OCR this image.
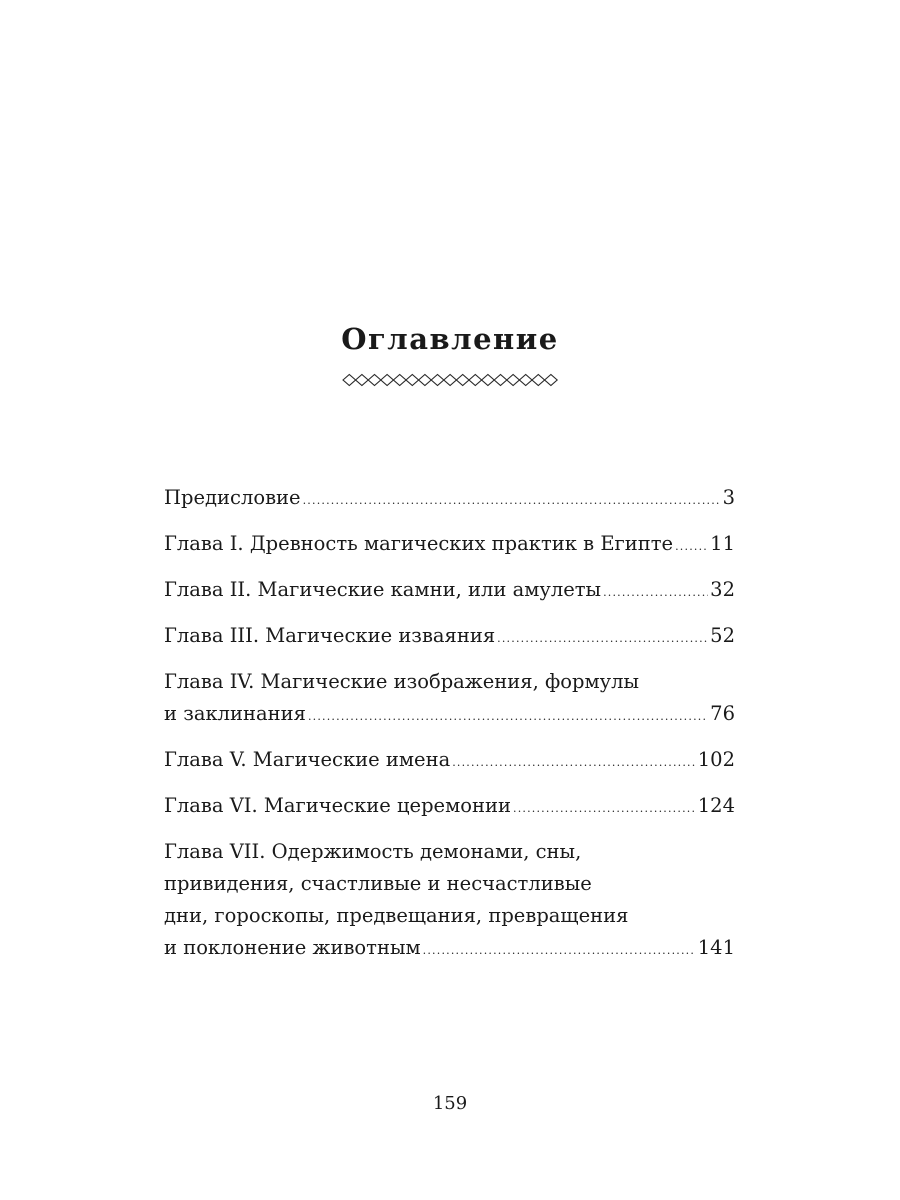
Оглавление
Предисловие .....	3
Глава I. Древность магических практик в Египте ..... 11
Глава II. Магические камни, или амулеты .....	32
Глава III. Магические изваяния .....	52
Глава IV. Магические изображения, формулы
и заклинания .....	76
Глава V. Магические имена .....	102
Глава VI. Магические церемонии .....	124
Глава VII. Одержимость демонами, сны,
привидения, счастливые и несчастливые
дни, гороскопы, предвещания, превращения
и поклонение животным .....	141
159
